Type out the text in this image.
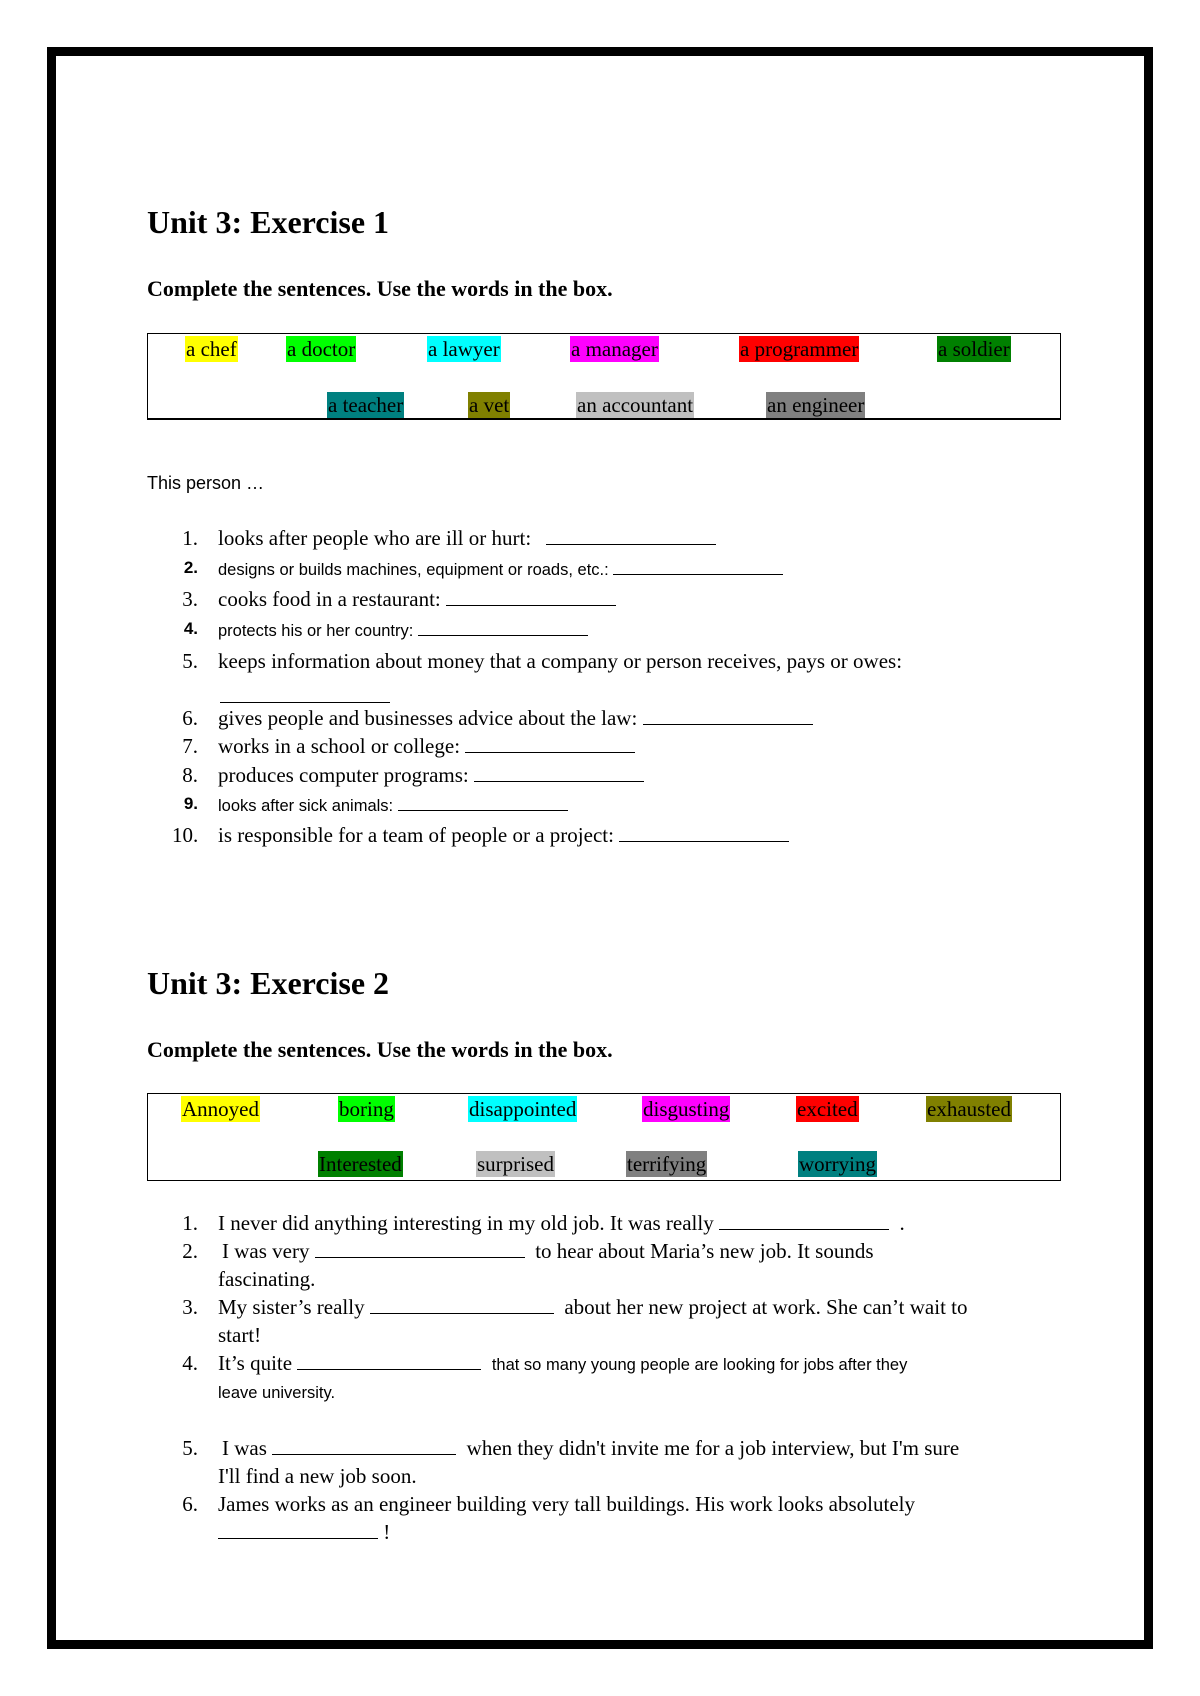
Unit 3: Exercise 1
Complete the sentences. Use the words in the box.
a chef a doctor	a lawyer	a manager	a programmer	a soldier
a teacher	a vet	an accountant	an engineer
This person …
1. looks after people who are ill or hurt:
2. designs or builds machines, equipment or roads, etc.:
3. cooks food in a restaurant:
4. protects his or her country:
5. keeps information about money that a company or person receives, pays or owes:
6. gives people and businesses advice about the law:
7. works in a school or college:
8. produces computer programs:
9. looks after sick animals:
10. is responsible for a team of people or a project:
Unit 3: Exercise 2
Complete the sentences. Use the words in the box.
Annoyed	boring	disappointed	disgusting	excited	exhausted
Interested	surprised	terrifying	worrying
1. I never did anything interesting in my old job. It was really	.
2. I was very	to hear about Maria’s new job. It sounds
fascinating.
3. My sister’s really	about her new project at work. She can’t wait to
start!
4. It’s quite	that so many young people are looking for jobs after they
leave university.
5. I was	when they didn't invite me for a job interview, but I'm sure
I'll find a new job soon.
6. James works as an engineer building very tall buildings. His work looks absolutely
!
